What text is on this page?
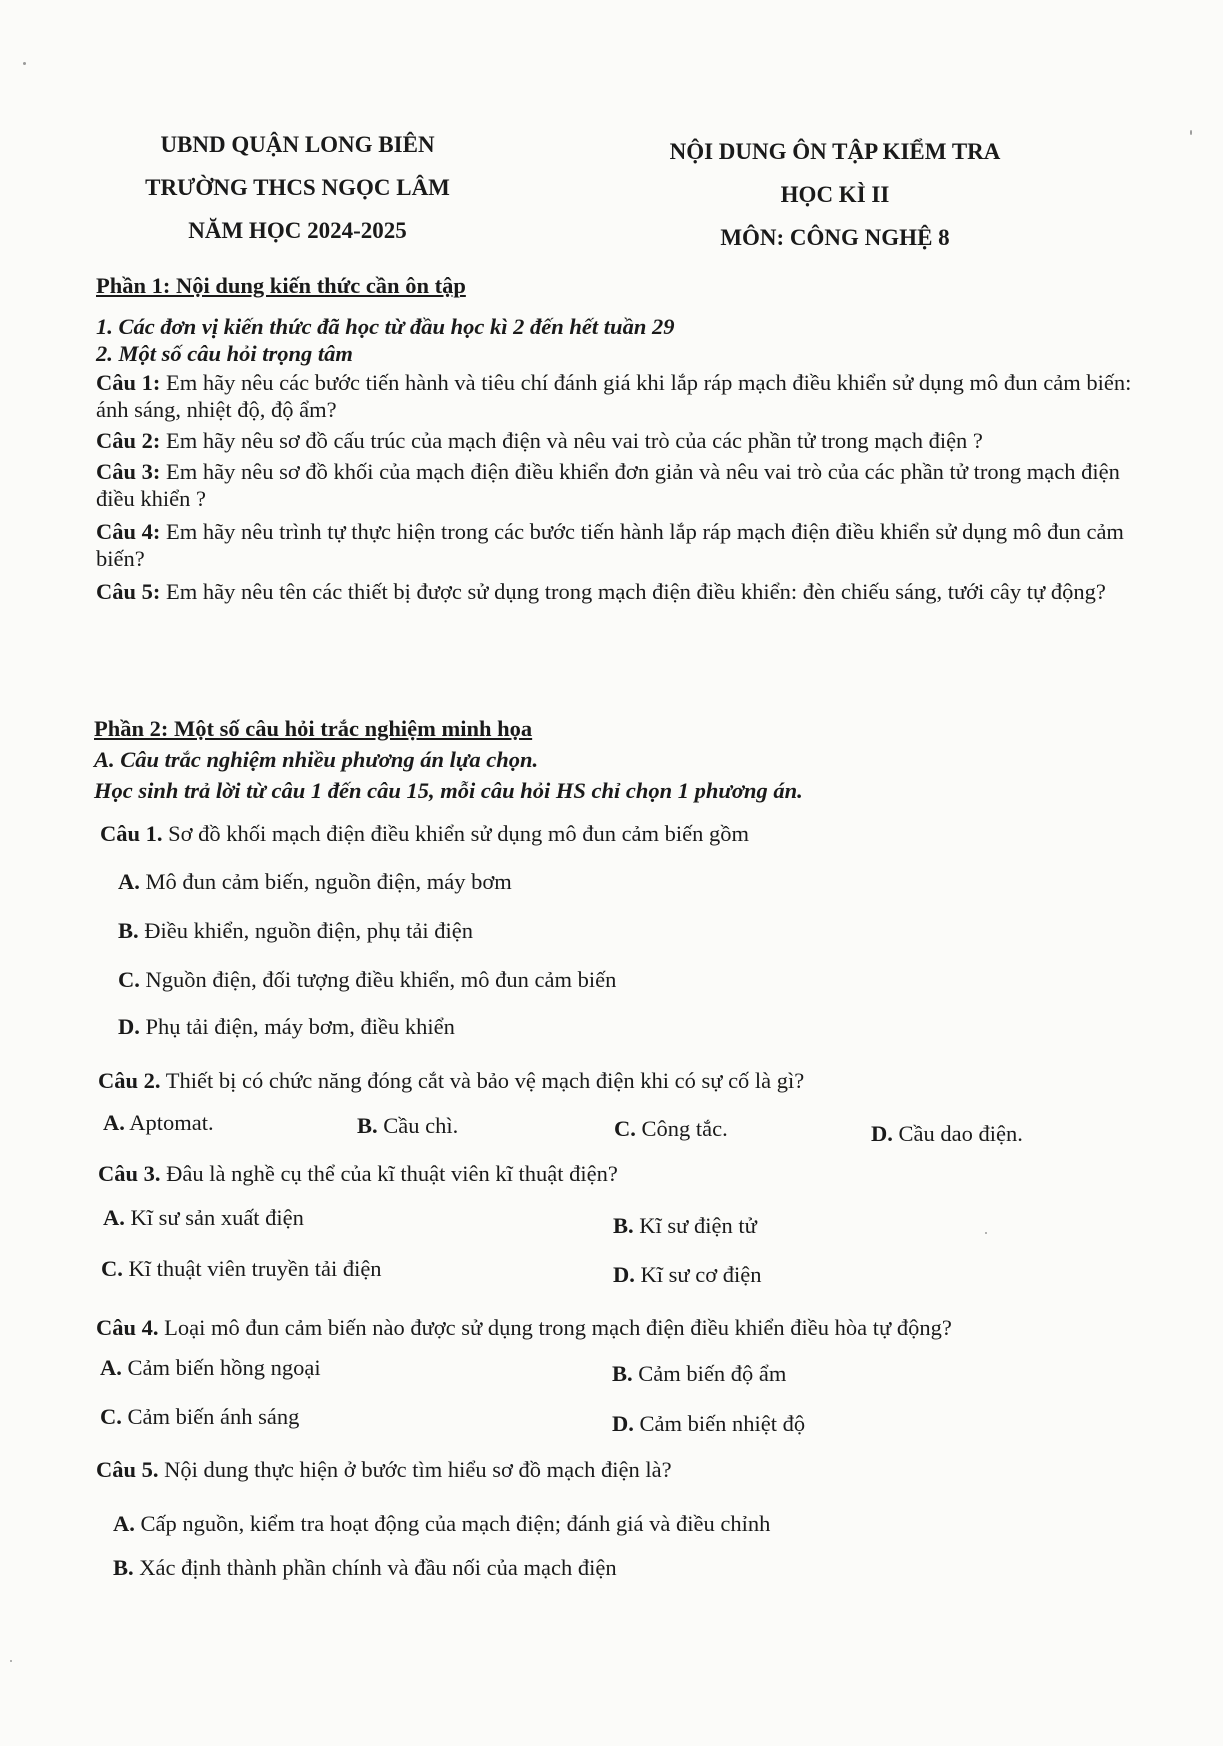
UBND QUẬN LONG BIÊN
TRƯỜNG THCS NGỌC LÂM
NĂM HỌC 2024-2025
NỘI DUNG ÔN TẬP KIỂM TRA
HỌC KÌ II
MÔN: CÔNG NGHỆ 8
Phần 1: Nội dung kiến thức cần ôn tập
1. Các đơn vị kiến thức đã học từ đầu học kì 2 đến hết tuần 29
2. Một số câu hỏi trọng tâm
Câu 1: Em hãy nêu các bước tiến hành và tiêu chí đánh giá khi lắp ráp mạch điều khiển sử dụng mô đun cảm biến: ánh sáng, nhiệt độ, độ ẩm?
Câu 2: Em hãy nêu sơ đồ cấu trúc của mạch điện và nêu vai trò của các phần tử trong mạch điện ?
Câu 3: Em hãy nêu sơ đồ khối của mạch điện điều khiển đơn giản và nêu vai trò của các phần tử trong mạch điện điều khiển ?
Câu 4: Em hãy nêu trình tự thực hiện trong các bước tiến hành lắp ráp mạch điện điều khiển sử dụng mô đun cảm biến?
Câu 5: Em hãy nêu tên các thiết bị được sử dụng trong mạch điện điều khiển: đèn chiếu sáng, tưới cây tự động?
Phần 2: Một số câu hỏi trắc nghiệm minh họa
A. Câu trắc nghiệm nhiều phương án lựa chọn.
Học sinh trả lời từ câu 1 đến câu 15, mỗi câu hỏi HS chỉ chọn 1 phương án.
Câu 1. Sơ đồ khối mạch điện điều khiển sử dụng mô đun cảm biến gồm
A. Mô đun cảm biến, nguồn điện, máy bơm
B. Điều khiển, nguồn điện, phụ tải điện
C. Nguồn điện, đối tượng điều khiển, mô đun cảm biến
D. Phụ tải điện, máy bơm, điều khiển
Câu 2. Thiết bị có chức năng đóng cắt và bảo vệ mạch điện khi có sự cố là gì?
A. Aptomat.	B. Cầu chì.	C. Công tắc.	D. Cầu dao điện.
Câu 3. Đâu là nghề cụ thể của kĩ thuật viên kĩ thuật điện?
A. Kĩ sư sản xuất điện	B. Kĩ sư điện tử
C. Kĩ thuật viên truyền tải điện	D. Kĩ sư cơ điện
Câu 4. Loại mô đun cảm biến nào được sử dụng trong mạch điện điều khiển điều hòa tự động?
A. Cảm biến hồng ngoại	B. Cảm biến độ ẩm
C. Cảm biến ánh sáng	D. Cảm biến nhiệt độ
Câu 5. Nội dung thực hiện ở bước tìm hiểu sơ đồ mạch điện là?
A. Cấp nguồn, kiểm tra hoạt động của mạch điện; đánh giá và điều chỉnh
B. Xác định thành phần chính và đầu nối của mạch điện
